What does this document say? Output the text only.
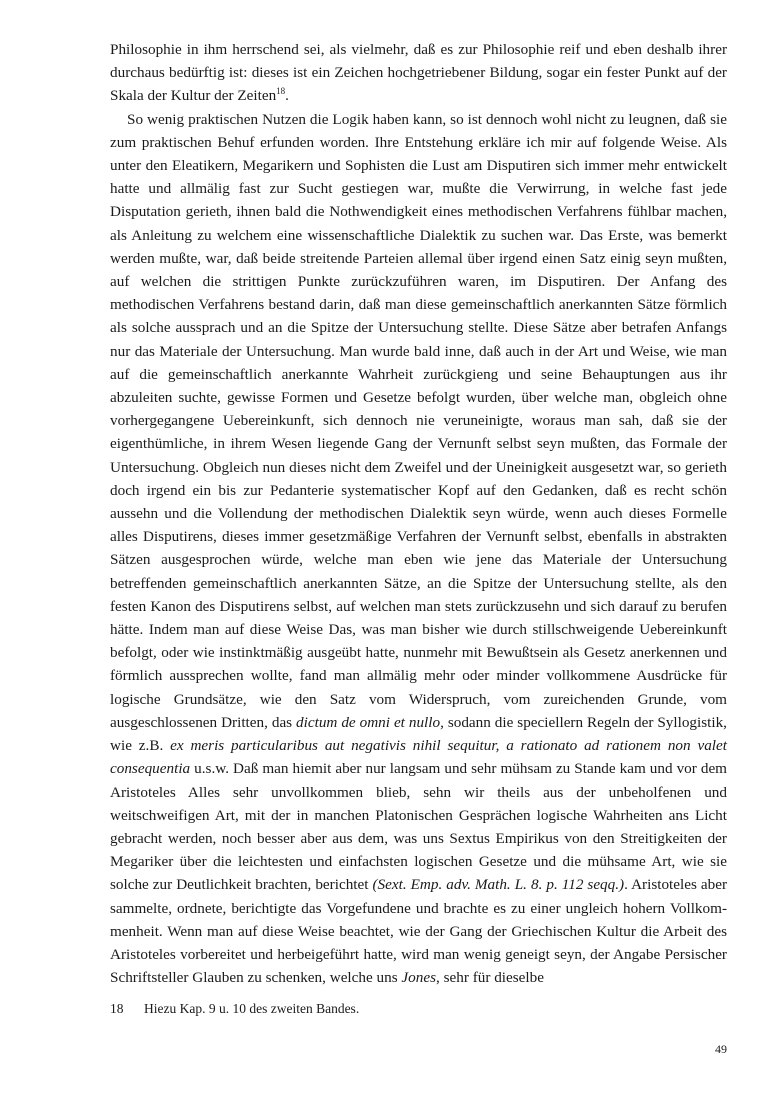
Philosophie in ihm herrschend sei, als vielmehr, daß es zur Philosophie reif und eben deshalb ihrer durchaus bedürftig ist: dieses ist ein Zeichen hochgetriebener Bildung, sogar ein fester Punkt auf der Skala der Kultur der Zeiten$^{18}$.

So wenig praktischen Nutzen die Logik haben kann, so ist dennoch wohl nicht zu leugnen, daß sie zum praktischen Behuf erfunden worden. Ihre Entstehung erkläre ich mir auf folgende Weise. Als unter den Eleatikern, Megarikern und Sophisten die Lust am Disputiren sich immer mehr entwickelt hatte und allmälig fast zur Sucht gestiegen war, mußte die Verwirrung, in welche fast jede Disputation gerieth, ihnen bald die Nothwendigkeit eines methodischen Verfahrens fühlbar machen, als Anleitung zu welchem eine wissenschaftliche Dialektik zu suchen war. Das Erste, was bemerkt werden mußte, war, daß beide streitende Parteien allemal über irgend einen Satz einig seyn mußten, auf welchen die strittigen Punkte zurückzuführen waren, im Disputiren. Der Anfang des methodischen Verfahrens bestand darin, daß man diese gemeinschaftlich anerkannten Sätze förmlich als solche aussprach und an die Spitze der Untersuchung stellte. Diese Sätze aber betrafen Anfangs nur das Materiale der Untersuchung. Man wurde bald inne, daß auch in der Art und Weise, wie man auf die gemeinschaftlich anerkannte Wahrheit zurückgieng und seine Behauptungen aus ihr abzuleiten suchte, gewisse Formen und Gesetze befolgt wurden, über welche man, obgleich ohne vorhergegangene Uebereinkunft, sich dennoch nie veruneinigte, woraus man sah, daß sie der eigenthümliche, in ihrem Wesen liegende Gang der Vernunft selbst seyn mußten, das Formale der Untersuchung. Obgleich nun dieses nicht dem Zweifel und der Uneinigkeit ausgesetzt war, so gerieth doch irgend ein bis zur Pedanterie systematischer Kopf auf den Gedanken, daß es recht schön aussehn und die Vollendung der methodischen Dialektik seyn würde, wenn auch dieses Formelle alles Disputirens, dieses immer gesetzmäßige Verfahren der Vernunft selbst, ebenfalls in abstrakten Sätzen ausgesprochen würde, welche man eben wie jene das Materiale der Untersuchung betreffenden gemeinschaftlich anerkannten Sätze, an die Spitze der Untersuchung stellte, als den festen Kanon des Disputirens selbst, auf welchen man stets zurückzusehn und sich darauf zu berufen hätte. Indem man auf diese Weise Das, was man bisher wie durch stillschweigende Uebereinkunft befolgt, oder wie instinktmäßig ausgeübt hatte, nunmehr mit Bewußtsein als Gesetz anerkennen und förmlich aussprechen wollte, fand man allmälig mehr oder minder vollkommene Ausdrücke für logische Grundsätze, wie den Satz vom Widerspruch, vom zureichenden Grunde, vom ausgeschlossenen Dritten, das dictum de omni et nullo, sodann die speciellern Regeln der Syllogistik, wie z.B. ex meris particularibus aut negativis nihil sequitur, a rationato ad rationem non valet consequentia u.s.w. Daß man hiemit aber nur langsam und sehr mühsam zu Stande kam und vor dem Aristoteles Alles sehr unvollkommen blieb, sehn wir theils aus der unbeholfenen und weitschweifigen Art, mit der in manchen Platonischen Gesprächen logische Wahrheiten ans Licht gebracht werden, noch besser aber aus dem, was uns Sextus Empirikus von den Streitigkeiten der Megariker über die leichtesten und einfachsten logischen Gesetze und die mühsame Art, wie sie solche zur Deutlichkeit brachten, berichtet (Sext. Emp. adv. Math. L. 8. p. 112 seqq.). Aristoteles aber sammelte, ordnete, berichtigte das Vorgefundene und brachte es zu einer ungleich hohern Vollkommenheit. Wenn man auf diese Weise beachtet, wie der Gang der Griechischen Kultur die Arbeit des Aristoteles vorbereitet und herbeigeführt hatte, wird man wenig geneigt seyn, der Angabe Persischer Schriftsteller Glauben zu schenken, welche uns Jones, sehr für dieselbe

18	Hiezu Kap. 9 u. 10 des zweiten Bandes.
49
